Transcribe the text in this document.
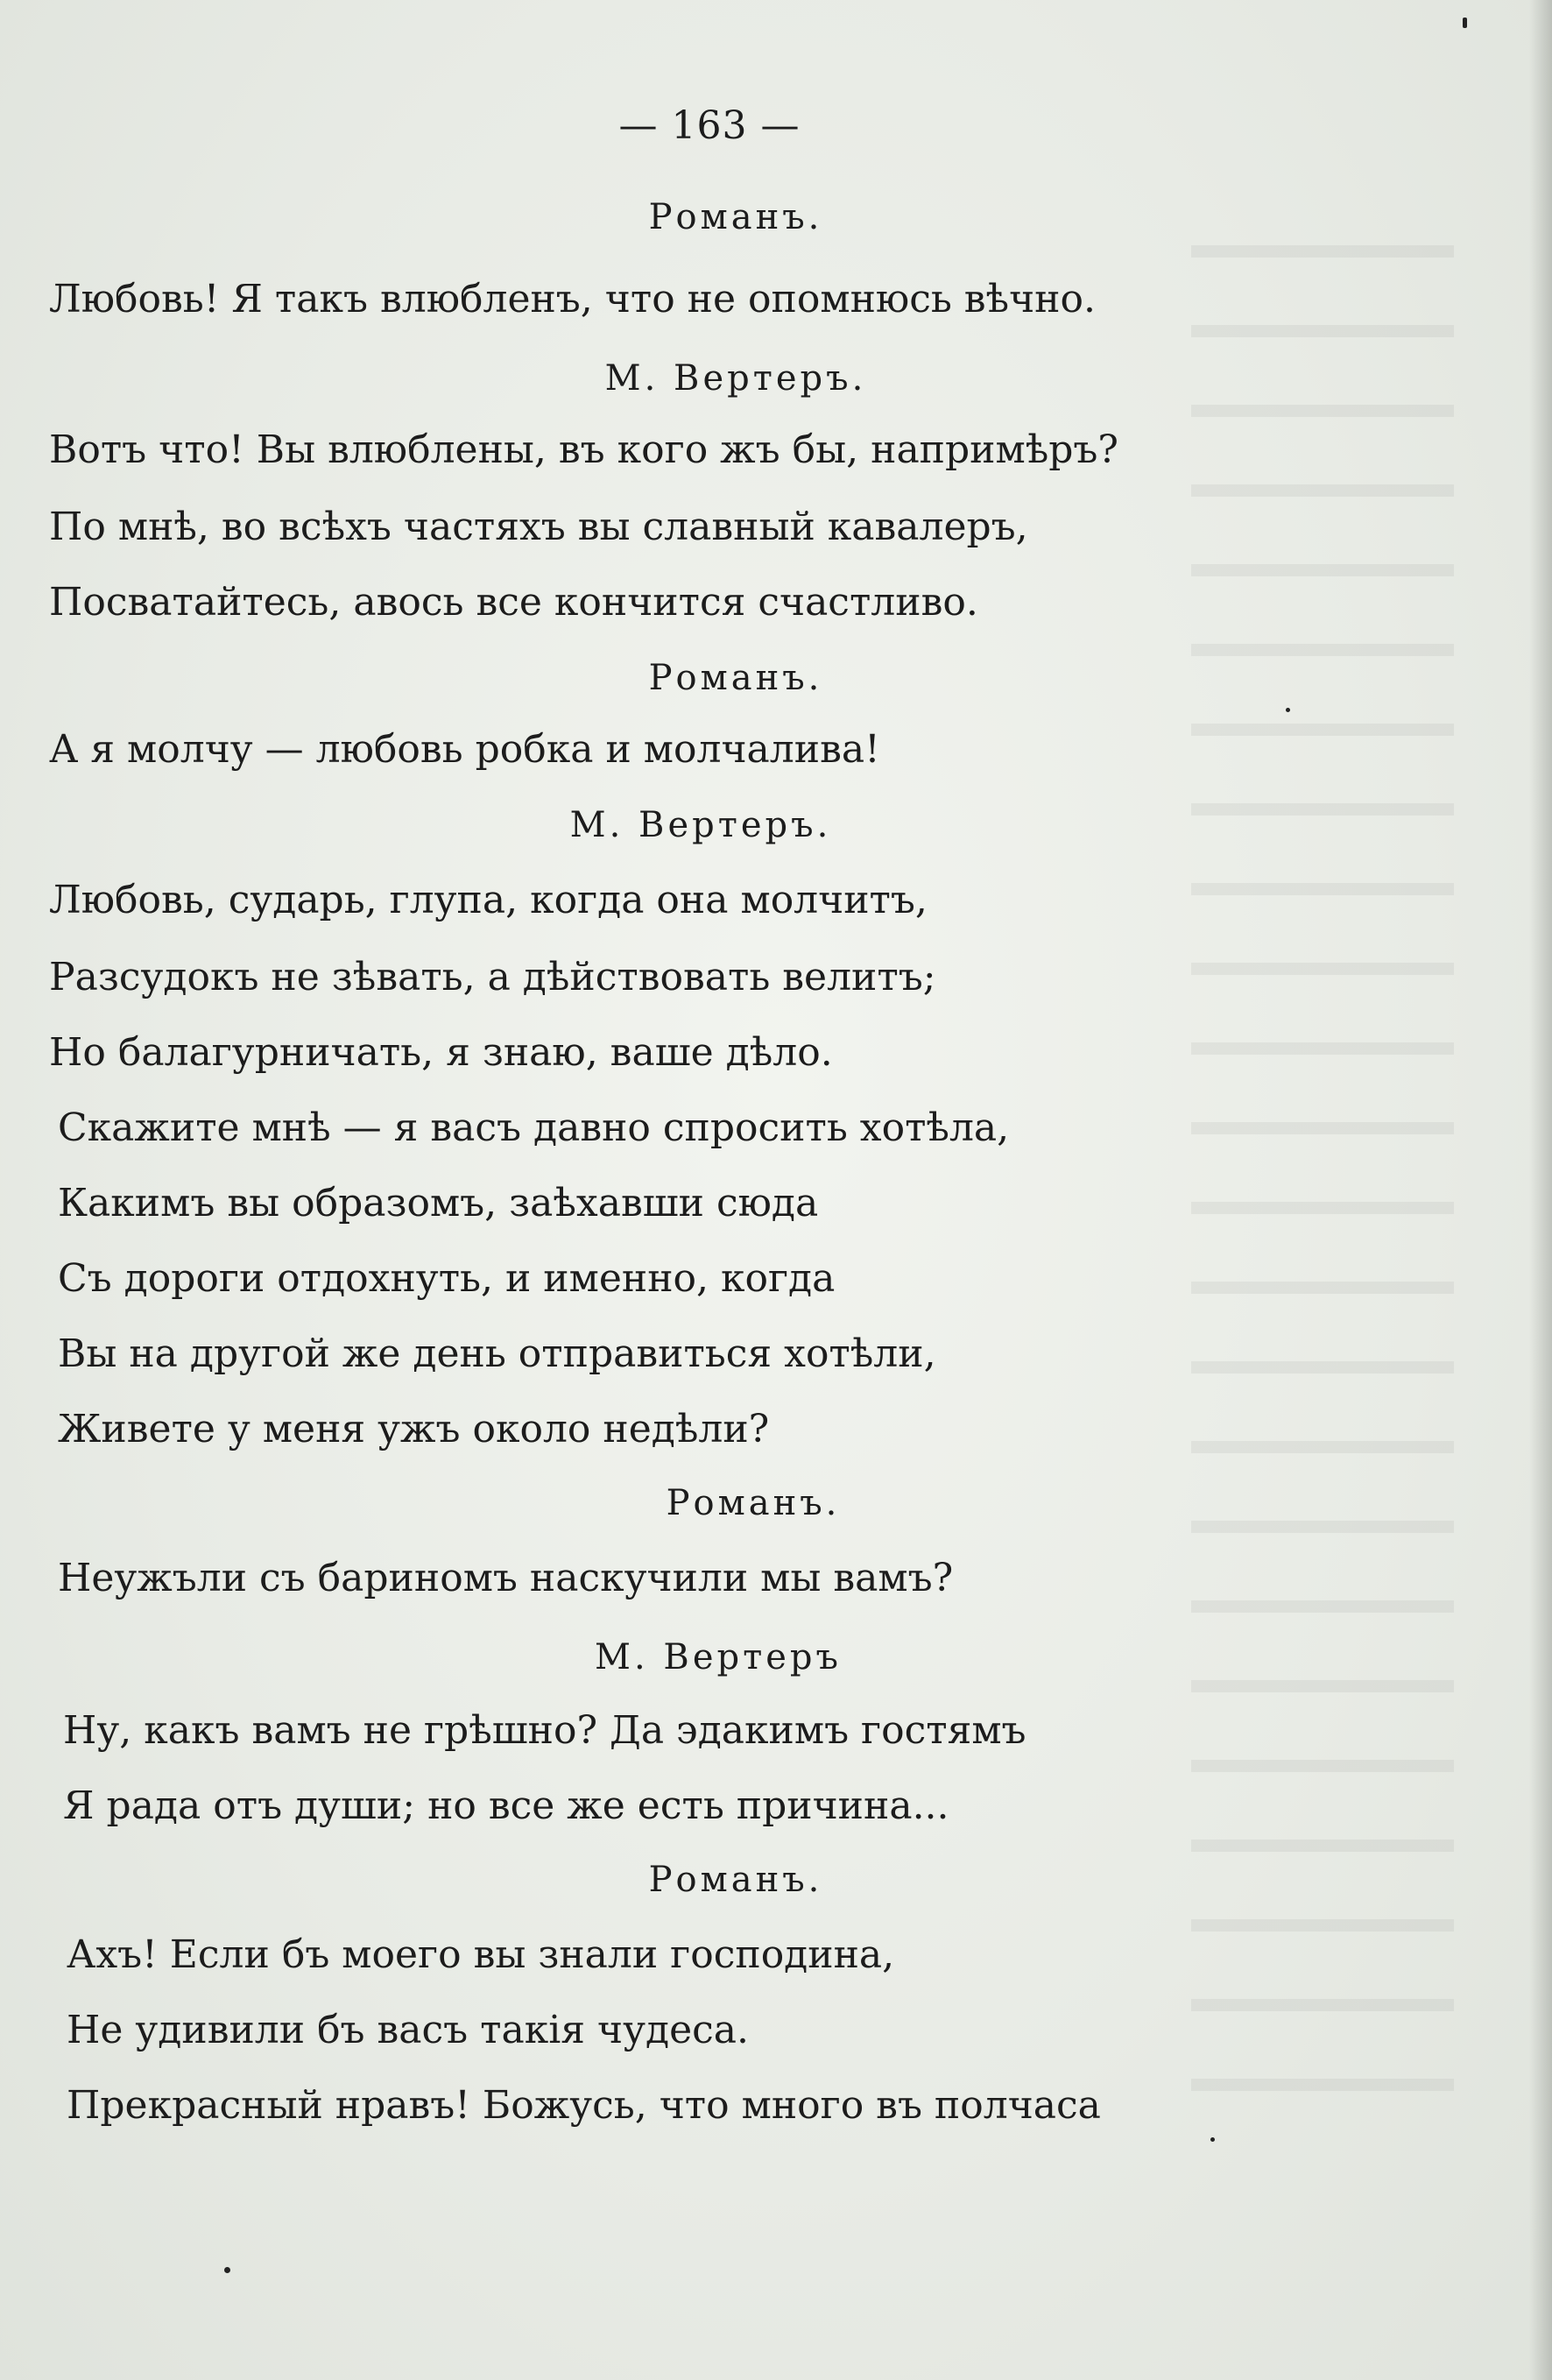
— 163 —
Романъ.
Любовь! Я такъ влюбленъ, что не опомнюсь вѣчно.
М. Вертеръ.
Вотъ что! Вы влюблены, въ кого жъ бы, напримѣръ?
По мнѣ, во всѣхъ частяхъ вы славный кавалеръ,
Посватайтесь, авось все кончится счастливо.
Романъ.
А я молчу — любовь робка и молчалива!
М. Вертеръ.
Любовь, сударь, глупа, когда она молчитъ,
Разсудокъ не зѣвать, а дѣйствовать велитъ;
Но балагурничать, я знаю, ваше дѣло.
Скажите мнѣ — я васъ давно спросить хотѣла,
Какимъ вы образомъ, заѣхавши сюда
Съ дороги отдохнуть, и именно, когда
Вы на другой же день отправиться хотѣли,
Живете у меня ужъ около недѣли?
Романъ.
Неужъли съ бариномъ наскучили мы вамъ?
М. Вертеръ
Ну, какъ вамъ не грѣшно? Да эдакимъ гостямъ
Я рада отъ души; но все же есть причина...
Романъ.
Ахъ! Если бъ моего вы знали господина,
Не удивили бъ васъ такія чудеса.
Прекрасный нравъ! Божусь, что много въ полчаса
